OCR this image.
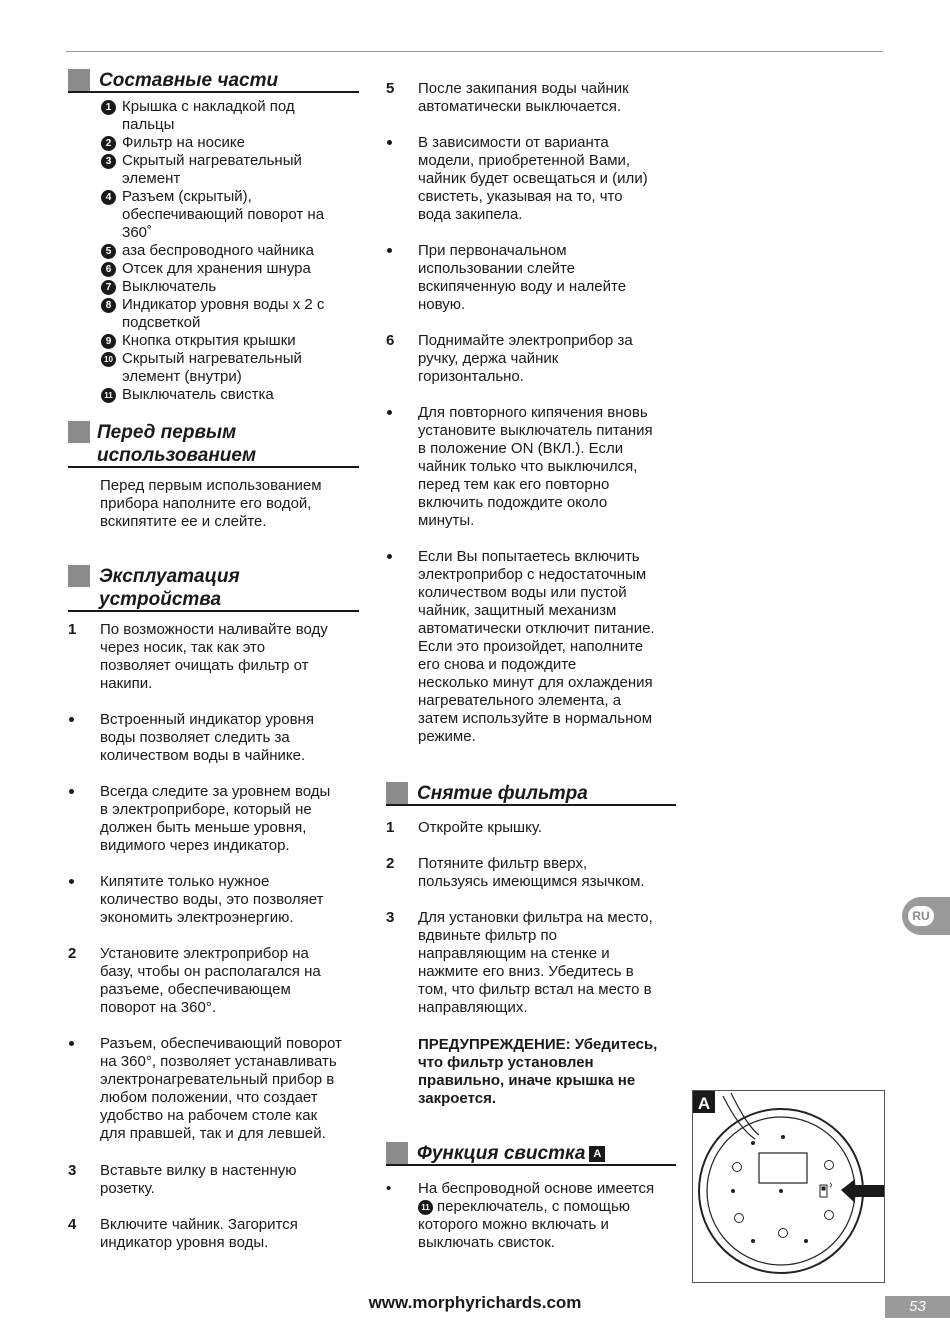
Составные части
1 Крышка с накладкой под
пальцы
2 Фильтр на носике
3 Скрытый нагревательный
элемент
4 Разъем (скрытый),
обеспечивающий поворот на
360˚
5 аза беспроводного чайника
6 Отсек для хранения шнура
7 Выключатель
8 Индикатор уровня воды x 2 с
подсветкой
9 Кнопка открытия крышки
10 Скрытый нагревательный
элемент (внутри)
11 Выключатель свистка
Перед первым
использованием
Перед первым использованием
прибора наполните его водой,
вскипятите ее и слейте.
Эксплуатация
устройства
1 По возможности наливайте воду
через носик, так как это
позволяет очищать фильтр от
накипи.
Встроенный индикатор уровня
воды позволяет следить за
количеством воды в чайнике.
Всегда следите за уровнем воды
в электроприборе, который не
должен быть меньше уровня,
видимого через индикатор.
Кипятите только нужное
количество воды, это позволяет
экономить электроэнергию.
2 Установите электроприбор на
базу, чтобы он располагался на
разъеме, обеспечивающем
поворот на 360°.
Разъем, обеспечивающий поворот
на 360°, позволяет устанавливать
электронагревательный прибор в
любом положении, что создает
удобство на рабочем столе как
для правшей, так и для левшей.
3 Вставьте вилку в настенную
розетку.
4 Включите чайник. Загорится
индикатор уровня воды.
5 После закипания воды чайник
автоматически выключается.
В зависимости от варианта
модели, приобретенной Вами,
чайник будет освещаться и (или)
свистеть, указывая на то, что
вода закипела.
При первоначальном
использовании слейте
вскипяченную воду и налейте
новую.
6 Поднимайте электроприбор за
ручку, держа чайник
горизонтально.
Для повторного кипячения вновь
установите выключатель питания
в положение ON (ВКЛ.). Если
чайник только что выключился,
перед тем как его повторно
включить подождите около
минуты.
Если Вы попытаетесь включить
электроприбор с недостаточным
количеством воды или пустой
чайник, защитный механизм
автоматически отключит питание.
Если это произойдет, наполните
его снова и подождите
несколько минут для охлаждения
нагревательного элемента, а
затем используйте в нормальном
режиме.
Снятие фильтра
1 Откройте крышку.
2 Потяните фильтр вверх,
пользуясь имеющимся язычком.
3 Для установки фильтра на место,
вдвиньте фильтр по
направляющим на стенке и
нажмите его вниз. Убедитесь в
том, что фильтр встал на место в
направляющих.
ПРЕДУПРЕЖДЕНИЕ: Убедитесь,
что фильтр установлен
правильно, иначе крышка не
закроется.
Функция свистка A
• На беспроводной основе имеется
11 переключатель, с помощью
которого можно включать и
выключать свисток.
A
RU
www.morphyrichards.com	53
